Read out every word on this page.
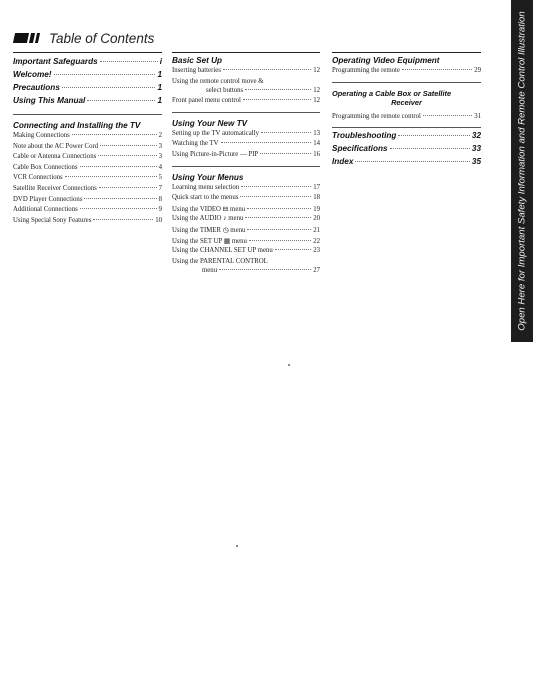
Table of Contents
Important Safeguards	i
Welcome!	1
Precautions	1
Using This Manual	1
Connecting and Installing the TV
Making Connections	2
Note about the AC Power Cord	3
Cable or Antenna Connections	3
Cable Box Connections	4
VCR Connections	5
Satellite Receiver Connections	7
DVD Player Connections	8
Additional Connections	9
Using Special Sony Features	10
Basic Set Up
Inserting batteries	12
Using the remote control move &
select buttons	12
Front panel menu control	12
Using Your New TV
Setting up the TV automatically	13
Watching the TV	14
Using Picture-in-Picture — PIP	16
Using Your Menus
Learning menu selection	17
Quick start to the menus	18
Using the VIDEO ⊟ menu	19
Using the AUDIO ♪ menu	20
Using the TIMER ◷ menu	21
Using the SET UP ▦ menu	22
Using the CHANNEL SET UP menu	23
Using the PARENTAL CONTROL
menu	27
Operating Video Equipment
Programming the remote	29
Operating a Cable Box or Satellite
Receiver
Programming the remote control	31
Troubleshooting	32
Specifications	33
Index	35	Open Here for Important Safety Information and Remote Control Illustration
